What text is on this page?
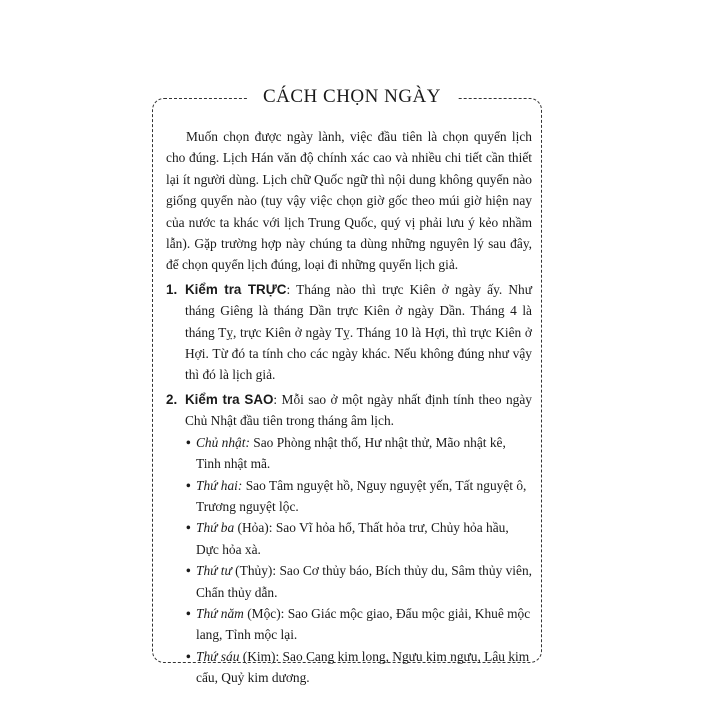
CÁCH CHỌN NGÀY

Muốn chọn được ngày lành, việc đầu tiên là chọn quyển lịch cho đúng. Lịch Hán văn độ chính xác cao và nhiều chi tiết cần thiết lại ít người dùng. Lịch chữ Quốc ngữ thì nội dung không quyển nào giống quyển nào (tuy vậy việc chọn giờ gốc theo múi giờ hiện nay của nước ta khác với lịch Trung Quốc, quý vị phải lưu ý kẻo nhầm lẫn). Gặp trường hợp này chúng ta dùng những nguyên lý sau đây, để chọn quyển lịch đúng, loại đi những quyển lịch giả.

1. Kiểm tra TRỰC: Tháng nào thì trực Kiên ở ngày ấy. Như tháng Giêng là tháng Dần trực Kiên ở ngày Dần. Tháng 4 là tháng Tỵ, trực Kiên ở ngày Tỵ. Tháng 10 là Hợi, thì trực Kiên ở Hợi. Từ đó ta tính cho các ngày khác. Nếu không đúng như vậy thì đó là lịch giả.
2. Kiểm tra SAO: Mỗi sao ở một ngày nhất định tính theo ngày Chủ Nhật đầu tiên trong tháng âm lịch.
• Chủ nhật: Sao Phòng nhật thố, Hư nhật thử, Mão nhật kê, Tinh nhật mã.
• Thứ hai: Sao Tâm nguyệt hồ, Nguy nguyệt yến, Tất nguyệt ô, Trương nguyệt lộc.
• Thứ ba (Hỏa): Sao Vĩ hỏa hổ, Thất hỏa trư, Chủy hỏa hầu, Dực hỏa xà.
• Thứ tư (Thủy): Sao Cơ thủy báo, Bích thủy du, Sâm thủy viên, Chẩn thủy dẫn.
• Thứ năm (Mộc): Sao Giác mộc giao, Đẩu mộc giải, Khuê mộc lang, Tỉnh mộc lại.
• Thứ sáu (Kim): Sao Cang kim long, Ngưu kim ngưu, Lâu kim cẩu, Quỷ kim dương.
